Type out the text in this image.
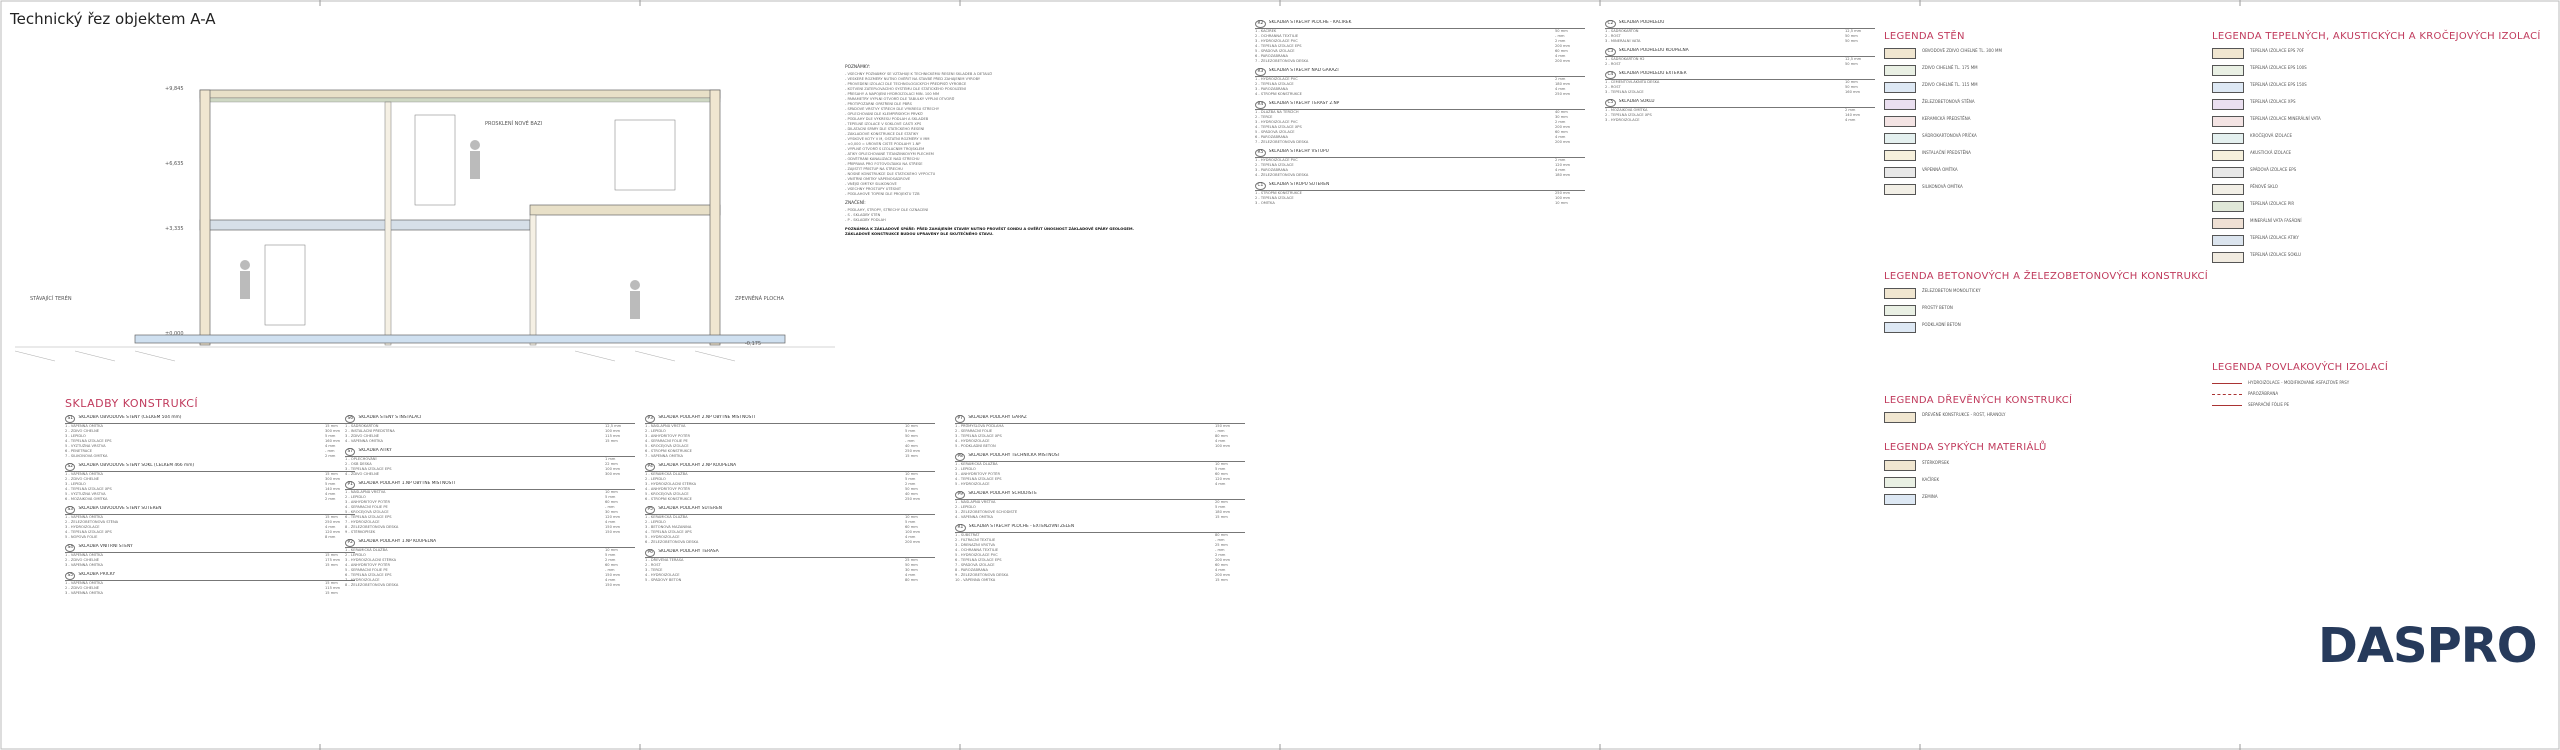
Technický řez objektem A-A
+6,635
+3,335
±0,000
-0,175
+9,845
PROSKLENÍ NOVÉ BAZI
ZPEVNĚNÁ PLOCHA
STÁVAJÍCÍ TERÉN
POZNÁMKY:
- VŠECHNY POZNÁMKY SE VZTAHUJÍ K TECHNICKÉMU ŘEŠENÍ SKLADEB A DETAILŮ
- VEŠKERÉ ROZMĚRY NUTNO OVĚŘIT NA STAVBĚ PŘED ZAHÁJENÍM VÝROBY
- PROVEDENÍ IZOLACÍ DLE TECHNOLOGICKÝCH PŘEDPISŮ VÝROBCE
- KOTVENÍ ZATEPLOVACÍHO SYSTÉMU DLE STATICKÉHO POSOUZENÍ
- PŘESAHY A NAPOJENÍ HYDROIZOLACÍ MIN. 100 MM
- PARAMETRY VÝPLNÍ OTVORŮ DLE TABULKY VÝPLNÍ OTVORŮ
- PROTIPOŽÁRNÍ OPATŘENÍ DLE PBŘS
- SPÁDOVÉ VRSTVY STŘECH DLE VÝKRESU STŘECHY
- OPLECHOVÁNÍ DLE KLEMPÍŘSKÝCH PRVKŮ
- PODLAHY DLE VÝKRESU PODLAH A SKLADEB
- TEPELNÉ IZOLACE V SOKLOVÉ ČÁSTI XPS
- DILATAČNÍ SPÁRY DLE STATICKÉHO ŘEŠENÍ
- ZÁKLADOVÉ KONSTRUKCE DLE STATIKY
- VÝŠKOVÉ KÓTY V M, OSTATNÍ ROZMĚRY V MM
- ±0,000 = ÚROVEŇ ČISTÉ PODLAHY 1.NP
- VÝPLNĚ OTVORŮ S IZOLAČNÍM TROJSKLEM
- ATIKY OPLECHOVANÉ TITANZINKOVÝM PLECHEM
- ODVĚTRÁNÍ KANALIZACE NAD STŘECHU
- PŘÍPRAVA PRO FOTOVOLTAIKU NA STŘEŠE
- ZAJISTIT PŘÍSTUP NA STŘECHU
- NOSNÉ KONSTRUKCE DLE STATICKÉHO VÝPOČTU
- VNITŘNÍ OMÍTKY VÁPENOSÁDROVÉ
- VNĚJŠÍ OMÍTKY SILIKONOVÉ
- VŠECHNY PROSTUPY UTĚSNIT
- PODLAHOVÉ TOPENÍ DLE PROJEKTU TZB
ZNAČENÍ:
- PODLAHY, STROPY, STŘECHY DLE OZNAČENÍ
- S - SKLADBY STĚN
- P - SKLADBY PODLAH
POZNÁMKA K ZÁKLADOVÉ SPÁŘE: PŘED ZAHÁJENÍM STAVBY NUTNO PROVÉST SONDU A OVĚŘIT ÚNOSNOST ZÁKLADOVÉ SPÁRY GEOLOGEM. ZÁKLADOVÉ KONSTRUKCE BUDOU UPRAVENY DLE SKUTEČNÉHO STAVU.
SKLADBY KONSTRUKCÍ
S1	SKLADBA OBVODOVÉ STĚNY (CELKEM 504 mm)
1 - VÁPENNÁ OMÍTKA	15 mm
2 - ZDIVO CIHELNÉ	300 mm
3 - LEPIDLO	5 mm
4 - TEPELNÁ IZOLACE EPS	160 mm
5 - VÝZTUŽNÁ VRSTVA	4 mm
6 - PENETRACE	- mm
7 - SILIKONOVÁ OMÍTKA	2 mm
S2	SKLADBA OBVODOVÉ STĚNY SOKL (CELKEM 466 mm)
1 - VÁPENNÁ OMÍTKA	15 mm
2 - ZDIVO CIHELNÉ	300 mm
3 - LEPIDLO	5 mm
4 - TEPELNÁ IZOLACE XPS	140 mm
5 - VÝZTUŽNÁ VRSTVA	4 mm
6 - MOZAIKOVÁ OMÍTKA	2 mm
S3	SKLADBA OBVODOVÉ STĚNY SUTERÉN
1 - VÁPENNÁ OMÍTKA	15 mm
2 - ŽELEZOBETONOVÁ STĚNA	250 mm
3 - HYDROIZOLACE	4 mm
4 - TEPELNÁ IZOLACE XPS	120 mm
5 - NOPOVÁ FÓLIE	8 mm
S4	SKLADBA VNITŘNÍ STĚNY
1 - VÁPENNÁ OMÍTKA	15 mm
2 - ZDIVO CIHELNÉ	175 mm
3 - VÁPENNÁ OMÍTKA	15 mm
S5	SKLADBA PŘÍČKY
1 - VÁPENNÁ OMÍTKA	15 mm
2 - ZDIVO CIHELNÉ	115 mm
3 - VÁPENNÁ OMÍTKA	15 mm
S6	SKLADBA STĚNY S INSTALACÍ
1 - SÁDROKARTON	12,5 mm
2 - INSTALAČNÍ PŘEDSTĚNA	100 mm
3 - ZDIVO CIHELNÉ	115 mm
4 - VÁPENNÁ OMÍTKA	15 mm
S7	SKLADBA ATIKY
1 - OPLECHOVÁNÍ	1 mm
2 - OSB DESKA	22 mm
3 - TEPELNÁ IZOLACE EPS	100 mm
4 - ZDIVO CIHELNÉ	300 mm
P1	SKLADBA PODLAHY 1.NP OBYTNÉ MÍSTNOSTI
1 - NÁŠLAPNÁ VRSTVA	10 mm
2 - LEPIDLO	5 mm
3 - ANHYDRITOVÝ POTĚR	60 mm
4 - SEPARAČNÍ FÓLIE PE	- mm
5 - KROČEJOVÁ IZOLACE	30 mm
6 - TEPELNÁ IZOLACE EPS	120 mm
7 - HYDROIZOLACE	4 mm
8 - ŽELEZOBETONOVÁ DESKA	150 mm
9 - ŠTĚRKOPÍSEK	150 mm
P2	SKLADBA PODLAHY 1.NP KOUPELNA
1 - KERAMICKÁ DLAŽBA	10 mm
2 - LEPIDLO	5 mm
3 - HYDROIZOLAČNÍ STĚRKA	2 mm
4 - ANHYDRITOVÝ POTĚR	60 mm
5 - SEPARAČNÍ FÓLIE PE	- mm
6 - TEPELNÁ IZOLACE EPS	150 mm
7 - HYDROIZOLACE	4 mm
8 - ŽELEZOBETONOVÁ DESKA	150 mm
P3	SKLADBA PODLAHY 2.NP OBYTNÉ MÍSTNOSTI
1 - NÁŠLAPNÁ VRSTVA	10 mm
2 - LEPIDLO	5 mm
3 - ANHYDRITOVÝ POTĚR	50 mm
4 - SEPARAČNÍ FÓLIE PE	- mm
5 - KROČEJOVÁ IZOLACE	40 mm
6 - STROPNÍ KONSTRUKCE	250 mm
7 - VÁPENNÁ OMÍTKA	15 mm
P4	SKLADBA PODLAHY 2.NP KOUPELNA
1 - KERAMICKÁ DLAŽBA	10 mm
2 - LEPIDLO	5 mm
3 - HYDROIZOLAČNÍ STĚRKA	2 mm
4 - ANHYDRITOVÝ POTĚR	50 mm
5 - KROČEJOVÁ IZOLACE	40 mm
6 - STROPNÍ KONSTRUKCE	250 mm
P5	SKLADBA PODLAHY SUTERÉN
1 - KERAMICKÁ DLAŽBA	10 mm
2 - LEPIDLO	5 mm
3 - BETONOVÁ MAZANINA	60 mm
4 - TEPELNÁ IZOLACE XPS	100 mm
5 - HYDROIZOLACE	4 mm
6 - ŽELEZOBETONOVÁ DESKA	200 mm
P6	SKLADBA PODLAHY TERASA
1 - DŘEVĚNÁ TERASA	25 mm
2 - ROŠT	50 mm
3 - TERČE	30 mm
4 - HYDROIZOLACE	4 mm
5 - SPÁDOVÝ BETON	80 mm
P7	SKLADBA PODLAHY GARÁŽ
1 - PRŮMYSLOVÁ PODLAHA	150 mm
2 - SEPARAČNÍ FÓLIE	- mm
3 - TEPELNÁ IZOLACE XPS	80 mm
4 - HYDROIZOLACE	4 mm
5 - PODKLADNÍ BETON	100 mm
P8	SKLADBA PODLAHY TECHNICKÁ MÍSTNOST
1 - KERAMICKÁ DLAŽBA	10 mm
2 - LEPIDLO	5 mm
3 - ANHYDRITOVÝ POTĚR	60 mm
4 - TEPELNÁ IZOLACE EPS	120 mm
5 - HYDROIZOLACE	4 mm
P9	SKLADBA PODLAHY SCHODIŠTĚ
1 - NÁŠLAPNÁ VRSTVA	20 mm
2 - LEPIDLO	5 mm
3 - ŽELEZOBETONOVÉ SCHODIŠTĚ	180 mm
4 - VÁPENNÁ OMÍTKA	15 mm
R1	SKLADBA STŘECHY PLOCHÉ - EXTENZIVNÍ ZELEŇ
1 - SUBSTRÁT	80 mm
2 - FILTRAČNÍ TEXTILIE	- mm
3 - DRENÁŽNÍ VRSTVA	25 mm
4 - OCHRANNÁ TEXTILIE	- mm
5 - HYDROIZOLACE PVC	2 mm
6 - TEPELNÁ IZOLACE EPS	200 mm
7 - SPÁDOVÁ IZOLACE	60 mm
8 - PAROZÁBRANA	4 mm
9 - ŽELEZOBETONOVÁ DESKA	200 mm
10 - VÁPENNÁ OMÍTKA	15 mm
R2	SKLADBA STŘECHY PLOCHÉ - KAČÍREK
1 - KAČÍREK	50 mm
2 - OCHRANNÁ TEXTILIE	- mm
3 - HYDROIZOLACE PVC	2 mm
4 - TEPELNÁ IZOLACE EPS	200 mm
5 - SPÁDOVÁ IZOLACE	60 mm
6 - PAROZÁBRANA	4 mm
7 - ŽELEZOBETONOVÁ DESKA	200 mm
R3	SKLADBA STŘECHY NAD GARÁŽÍ
1 - HYDROIZOLACE PVC	2 mm
2 - TEPELNÁ IZOLACE	180 mm
3 - PAROZÁBRANA	4 mm
4 - STROPNÍ KONSTRUKCE	250 mm
R4	SKLADBA STŘECHY TERASY 2.NP
1 - DLAŽBA NA TERČÍCH	40 mm
2 - TERČE	30 mm
3 - HYDROIZOLACE PVC	2 mm
4 - TEPELNÁ IZOLACE XPS	200 mm
5 - SPÁDOVÁ IZOLACE	60 mm
6 - PAROZÁBRANA	4 mm
7 - ŽELEZOBETONOVÁ DESKA	200 mm
R5	SKLADBA STŘECHY VSTUPU
1 - HYDROIZOLACE PVC	2 mm
2 - TEPELNÁ IZOLACE	120 mm
3 - PAROZÁBRANA	4 mm
4 - ŽELEZOBETONOVÁ DESKA	180 mm
C1	SKLADBA STROPU SUTERÉN
1 - STROPNÍ KONSTRUKCE	250 mm
2 - TEPELNÁ IZOLACE	100 mm
3 - OMÍTKA	10 mm
C2	SKLADBA PODHLEDU
1 - SÁDROKARTON	12,5 mm
2 - ROŠT	50 mm
3 - MINERÁLNÍ VATA	50 mm
C3	SKLADBA PODHLEDU KOUPELNA
1 - SÁDROKARTON H2	12,5 mm
2 - ROŠT	50 mm
C4	SKLADBA PODHLEDU EXTERIÉR
1 - CEMENTOVLÁKNITÁ DESKA	10 mm
2 - ROŠT	50 mm
3 - TEPELNÁ IZOLACE	160 mm
C5	SKLADBA SOKLU
1 - MOZAIKOVÁ OMÍTKA	2 mm
2 - TEPELNÁ IZOLACE XPS	140 mm
3 - HYDROIZOLACE	4 mm
LEGENDA STĚN
OBVODOVÉ ZDIVO CIHELNÉ TL. 300 MM
ZDIVO CIHELNÉ TL. 175 MM
ZDIVO CIHELNÉ TL. 115 MM
ŽELEZOBETONOVÁ STĚNA
KERAMICKÁ PŘEDSTĚNA
SÁDROKARTONOVÁ PŘÍČKA
INSTALAČNÍ PŘEDSTĚNA
VÁPENNÁ OMÍTKA
SILIKONOVÁ OMÍTKA
LEGENDA BETONOVÝCH A ŽELEZOBETONOVÝCH KONSTRUKCÍ
ŽELEZOBETON MONOLITICKÝ
PROSTÝ BETON
PODKLADNÍ BETON
LEGENDA DŘEVĚNÝCH KONSTRUKCÍ
DŘEVĚNÉ KONSTRUKCE - ROŠT, HRANOLY
LEGENDA SYPKÝCH MATERIÁLŮ
ŠTĚRKOPÍSEK
KAČÍREK
ZEMINA
LEGENDA TEPELNÝCH, AKUSTICKÝCH A KROČEJOVÝCH IZOLACÍ
TEPELNÁ IZOLACE EPS 70F
TEPELNÁ IZOLACE EPS 100S
TEPELNÁ IZOLACE EPS 150S
TEPELNÁ IZOLACE XPS
TEPELNÁ IZOLACE MINERÁLNÍ VATA
KROČEJOVÁ IZOLACE
AKUSTICKÁ IZOLACE
SPÁDOVÁ IZOLACE EPS
PĚNOVÉ SKLO
TEPELNÁ IZOLACE PIR
MINERÁLNÍ VATA FASÁDNÍ
TEPELNÁ IZOLACE ATIKY
TEPELNÁ IZOLACE SOKLU
LEGENDA POVLAKOVÝCH IZOLACÍ
HYDROIZOLACE - MODIFIKOVANÉ ASFALTOVÉ PÁSY
PAROZÁBRANA
SEPARAČNÍ FÓLIE PE
DASPRO
